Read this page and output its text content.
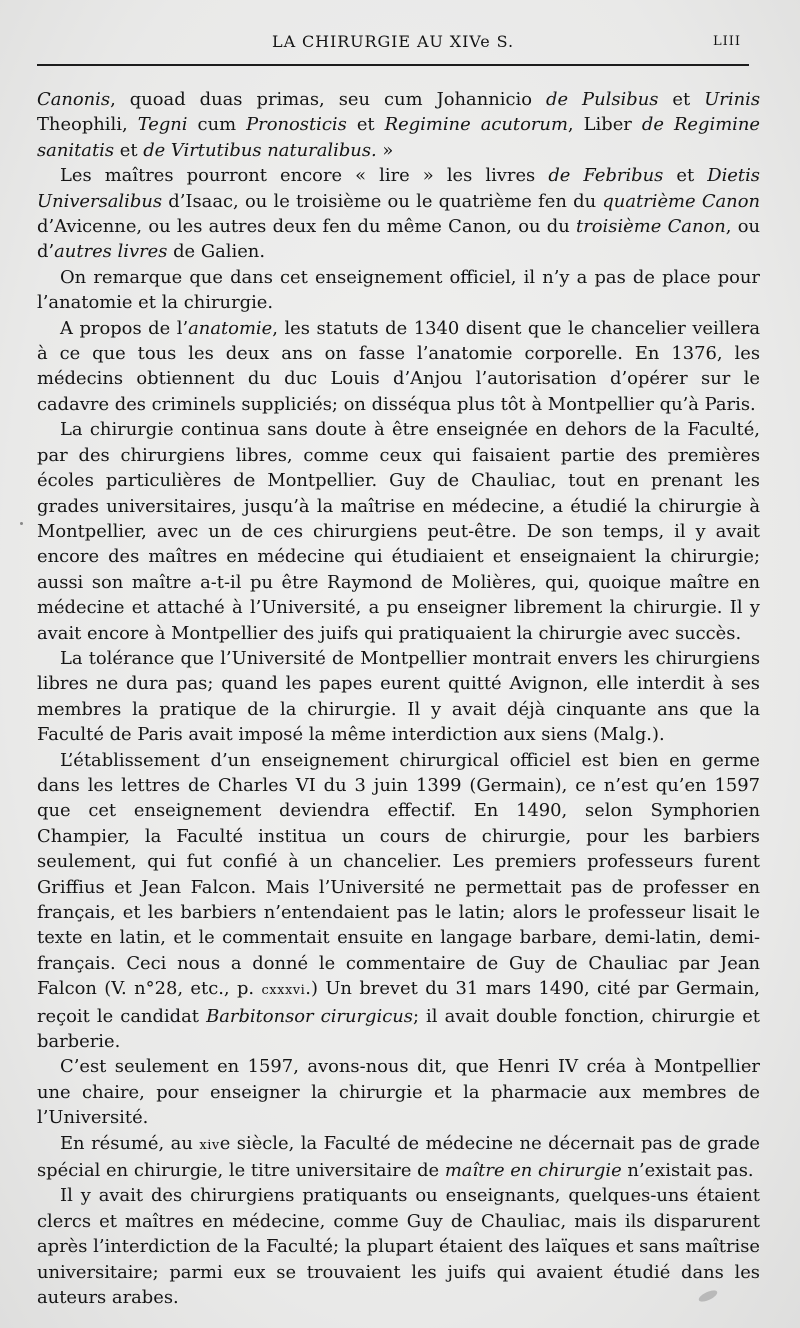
LA CHIRURGIE AU XIVe S.	LIII

Canonis, quoad duas primas, seu cum Johannicio de Pulsibus et Urinis Theophili, Tegni cum Pronosticis et Regimine acutorum, Liber de Regimine sanitatis et de Virtutibus naturalibus. »

Les maîtres pourront encore « lire » les livres de Febribus et Dietis Universalibus d’Isaac, ou le troisième ou le quatrième fen du quatrième Canon d’Avicenne, ou les autres deux fen du même Canon, ou du troisième Canon, ou d’autres livres de Galien.

On remarque que dans cet enseignement officiel, il n’y a pas de place pour l’anatomie et la chirurgie.

A propos de l’anatomie, les statuts de 1340 disent que le chancelier veillera à ce que tous les deux ans on fasse l’anatomie corporelle. En 1376, les médecins obtiennent du duc Louis d’Anjou l’autorisation d’opérer sur le cadavre des criminels suppliciés; on disséqua plus tôt à Montpellier qu’à Paris.

La chirurgie continua sans doute à être enseignée en dehors de la Faculté, par des chirurgiens libres, comme ceux qui faisaient partie des premières écoles particulières de Montpellier. Guy de Chauliac, tout en prenant les grades universitaires, jusqu’à la maîtrise en médecine, a étudié la chirurgie à Montpellier, avec un de ces chirurgiens peut-être. De son temps, il y avait encore des maîtres en médecine qui étudiaient et enseignaient la chirurgie; aussi son maître a-t-il pu être Raymond de Molières, qui, quoique maître en médecine et attaché à l’Université, a pu enseigner librement la chirurgie. Il y avait encore à Montpellier des juifs qui pratiquaient la chirurgie avec succès.

La tolérance que l’Université de Montpellier montrait envers les chirurgiens libres ne dura pas; quand les papes eurent quitté Avignon, elle interdit à ses membres la pratique de la chirurgie. Il y avait déjà cinquante ans que la Faculté de Paris avait imposé la même interdiction aux siens (Malg.).

L’établissement d’un enseignement chirurgical officiel est bien en germe dans les lettres de Charles VI du 3 juin 1399 (Germain), ce n’est qu’en 1597 que cet enseignement deviendra effectif. En 1490, selon Symphorien Champier, la Faculté institua un cours de chirurgie, pour les barbiers seulement, qui fut confié à un chancelier. Les premiers professeurs furent Griffius et Jean Falcon. Mais l’Université ne permettait pas de professer en français, et les barbiers n’entendaient pas le latin; alors le professeur lisait le texte en latin, et le commentait ensuite en langage barbare, demi-latin, demi-français. Ceci nous a donné le commentaire de Guy de Chauliac par Jean Falcon (V. n°28, etc., p. cxxxvi.) Un brevet du 31 mars 1490, cité par Germain, reçoit le candidat Barbitonsor cirurgicus; il avait double fonction, chirurgie et barberie.

C’est seulement en 1597, avons-nous dit, que Henri IV créa à Montpellier une chaire, pour enseigner la chirurgie et la pharmacie aux membres de l’Université.

En résumé, au xive siècle, la Faculté de médecine ne décernait pas de grade spécial en chirurgie, le titre universitaire de maître en chirurgie n’existait pas.

Il y avait des chirurgiens pratiquants ou enseignants, quelques-uns étaient clercs et maîtres en médecine, comme Guy de Chauliac, mais ils disparurent après l’interdiction de la Faculté; la plupart étaient des laïques et sans maîtrise universitaire; parmi eux se trouvaient les juifs qui avaient étudié dans les auteurs arabes.
